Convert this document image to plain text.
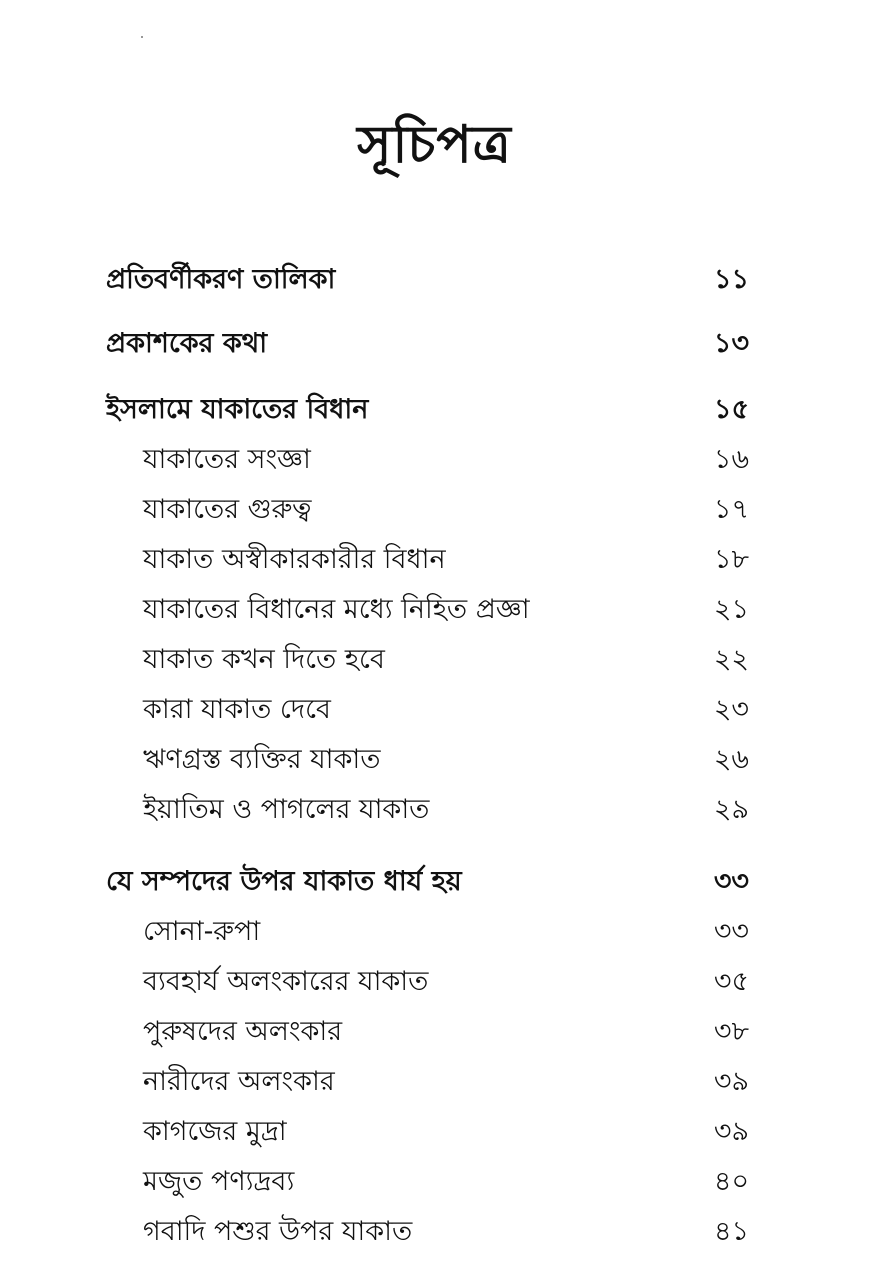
সূচিপত্র
প্রতিবর্ণীকরণ তালিকা	১১
প্রকাশকের কথা	১৩
ইসলামে যাকাতের বিধান	১৫
যাকাতের সংজ্ঞা	১৬
যাকাতের গুরুত্ব	১৭
যাকাত অস্বীকারকারীর বিধান	১৮
যাকাতের বিধানের মধ্যে নিহিত প্রজ্ঞা	২১
যাকাত কখন দিতে হবে	২২
কারা যাকাত দেবে	২৩
ঋণগ্রস্ত ব্যক্তির যাকাত	২৬
ইয়াতিম ও পাগলের যাকাত	২৯
যে সম্পদের উপর যাকাত ধার্য হয়	৩৩
সোনা-রুপা	৩৩
ব্যবহার্য অলংকারের যাকাত	৩৫
পুরুষদের অলংকার	৩৮
নারীদের অলংকার	৩৯
কাগজের মুদ্রা	৩৯
মজুত পণ্যদ্রব্য	৪০
গবাদি পশুর উপর যাকাত	৪১
